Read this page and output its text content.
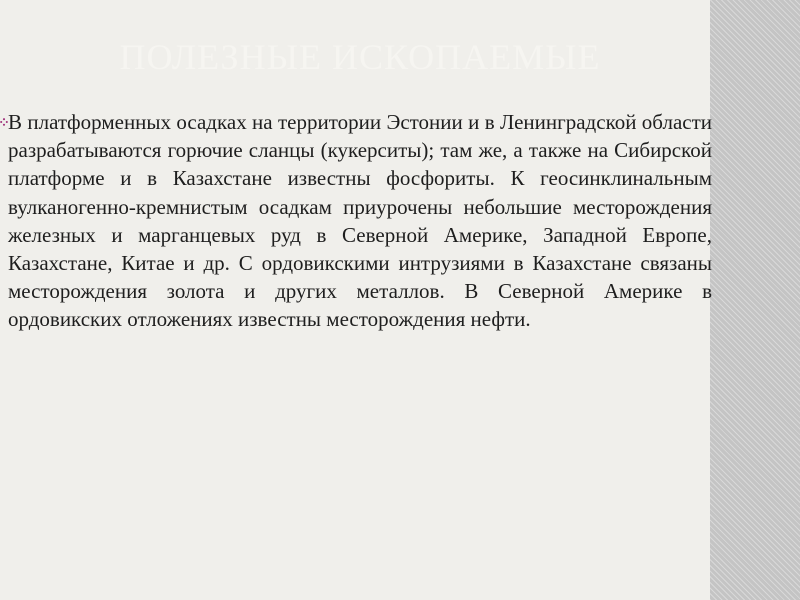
ПОЛЕЗНЫЕ ИСКОПАЕМЫЕ
В платформенных осадках на территории Эстонии и в Ленинградской области разрабатываются горючие сланцы (кукерситы); там же, а также на Сибирской платформе и в Казахстане известны фосфориты. К геосинклинальным вулканогенно-кремнистым осадкам приурочены небольшие месторождения железных и марганцевых руд в Северной Америке, Западной Европе, Казахстане, Китае и др. С ордовикскими интрузиями в Казахстане связаны месторождения золота и других металлов. В Северной Америке в ордовикских отложениях известны месторождения нефти.
